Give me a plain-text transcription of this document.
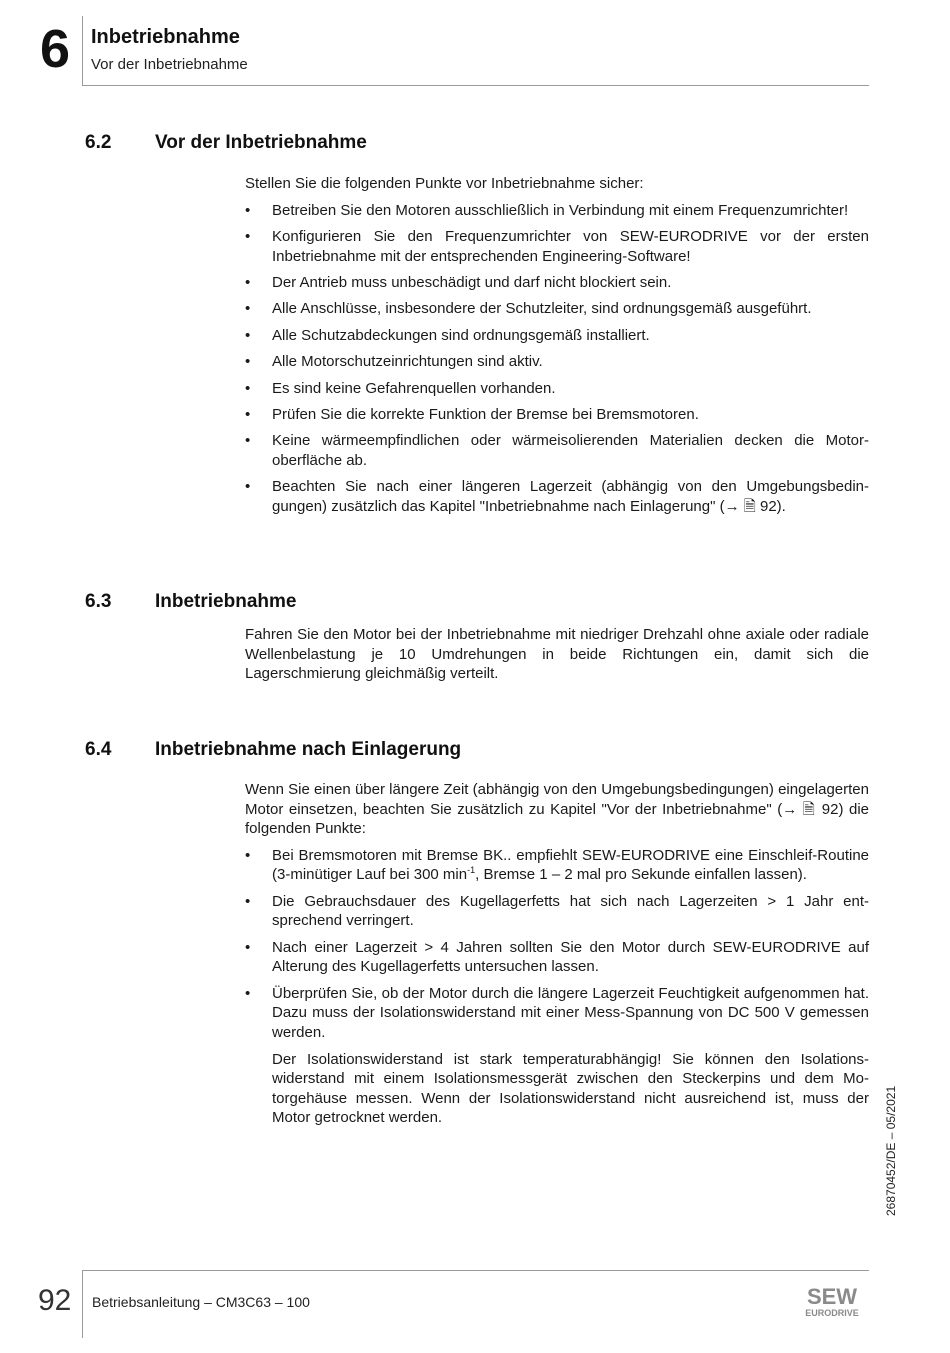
6 Inbetriebnahme
Vor der Inbetriebnahme
6.2 Vor der Inbetriebnahme

Stellen Sie die folgenden Punkte vor Inbetriebnahme sicher:

• Betreiben Sie den Motoren ausschließlich in Verbindung mit einem Frequenzumrichter!
• Konfigurieren Sie den Frequenzumrichter von SEW-EURODRIVE vor der ersten Inbetriebnahme mit der entsprechenden Engineering-Software!
• Der Antrieb muss unbeschädigt und darf nicht blockiert sein.
• Alle Anschlüsse, insbesondere der Schutzleiter, sind ordnungsgemäß ausgeführt.
• Alle Schutzabdeckungen sind ordnungsgemäß installiert.
• Alle Motorschutzeinrichtungen sind aktiv.
• Es sind keine Gefahrenquellen vorhanden.
• Prüfen Sie die korrekte Funktion der Bremse bei Bremsmotoren.
• Keine wärmeempfindlichen oder wärmeisolierenden Materialien decken die Motoroberfläche ab.
• Beachten Sie nach einer längeren Lagerzeit (abhängig von den Umgebungsbedingungen) zusätzlich das Kapitel "Inbetriebnahme nach Einlagerung" (→ 🗎 92).
6.3 Inbetriebnahme

Fahren Sie den Motor bei der Inbetriebnahme mit niedriger Drehzahl ohne axiale oder radiale Wellenbelastung je 10 Umdrehungen in beide Richtungen ein, damit sich die Lagerschmierung gleichmäßig verteilt.

6.4 Inbetriebnahme nach Einlagerung

Wenn Sie einen über längere Zeit (abhängig von den Umgebungsbedingungen) eingelagerten Motor einsetzen, beachten Sie zusätzlich zu Kapitel "Vor der Inbetriebnahme" (→ 🗎 92) die folgenden Punkte:

• Bei Bremsmotoren mit Bremse BK.. empfiehlt SEW-EURODRIVE eine Einschleif-Routine (3-minütiger Lauf bei 300 $\min^{-1}$, Bremse 1 – 2 mal pro Sekunde einfallen lassen).
• Die Gebrauchsdauer des Kugellagerfetts hat sich nach Lagerzeiten > 1 Jahr entsprechend verringert.
• Nach einer Lagerzeit > 4 Jahren sollten Sie den Motor durch SEW-EURODRIVE auf Alterung des Kugellagerfetts untersuchen lassen.
• Überprüfen Sie, ob der Motor durch die längere Lagerzeit Feuchtigkeit aufgenommen hat. Dazu muss der Isolationswiderstand mit einer Mess-Spannung von DC 500 V gemessen werden.
Der Isolationswiderstand ist stark temperaturabhängig! Sie können den Isolationswiderstand mit einem Isolationsmessgerät zwischen den Steckerpins und dem Motorgehäuse messen. Wenn der Isolationswiderstand nicht ausreichend ist, muss der Motor getrocknet werden.	26870452/DE – 05/2021
92 Betriebsanleitung – CM3C63 – 100	SEW
EURODRIVE
